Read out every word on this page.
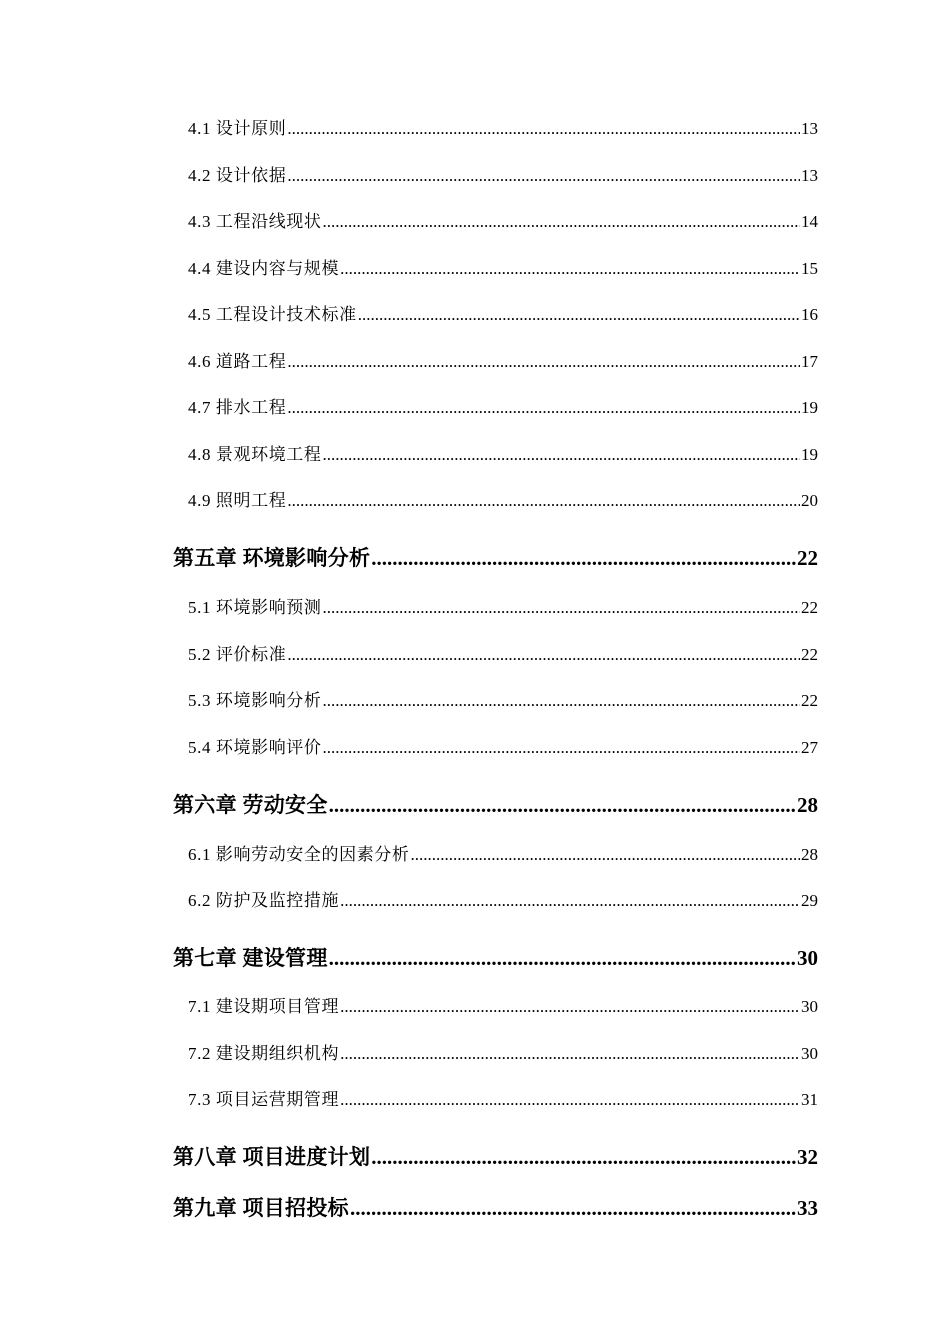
4.1 设计原则 .....	13
4.2 设计依据 .....	13
4.3 工程沿线现状 .....	14
4.4 建设内容与规模 .....	15
4.5 工程设计技术标准 .....	16
4.6 道路工程 .....	17
4.7 排水工程 .....	19
4.8 景观环境工程 .....	19
4.9 照明工程 .....	20
第五章 环境影响分析 .....	22
5.1 环境影响预测 .....	22
5.2 评价标准 .....	22
5.3 环境影响分析 .....	22
5.4 环境影响评价 .....	27
第六章 劳动安全 .....	28
6.1 影响劳动安全的因素分析 .....	28
6.2 防护及监控措施 .....	29
第七章 建设管理 .....	30
7.1 建设期项目管理 .....	30
7.2 建设期组织机构 .....	30
7.3 项目运营期管理 .....	31
第八章 项目进度计划 .....	32
第九章 项目招投标 .....	33
